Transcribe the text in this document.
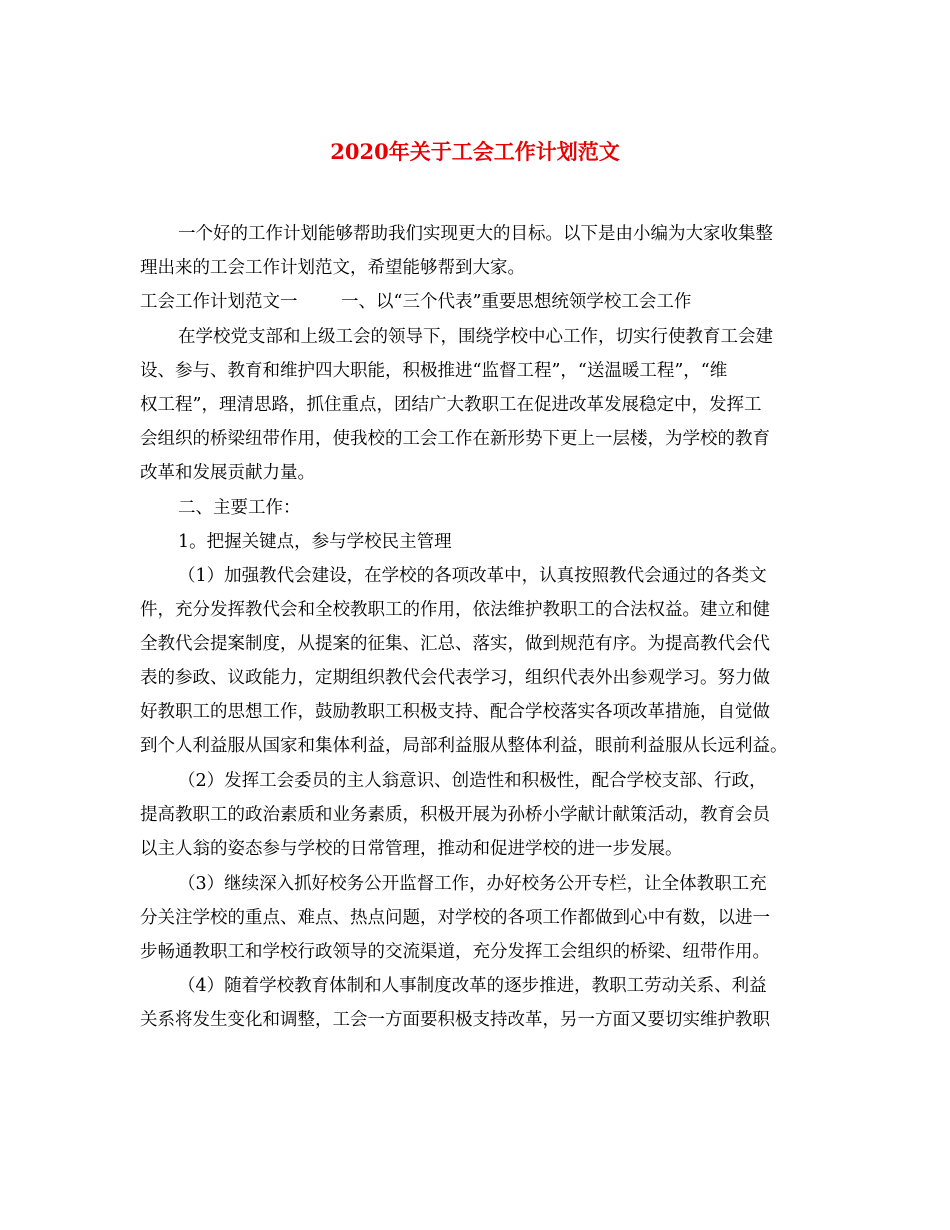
2020年关于工会工作计划范文
一个好的工作计划能够帮助我们实现更大的目标。以下是由小编为大家收集整
理出来的工会工作计划范文，希望能够帮到大家。
工会工作计划范文一 一、以“三个代表”重要思想统领学校工会工作
在学校党支部和上级工会的领导下，围绕学校中心工作，切实行使教育工会建
设、参与、教育和维护四大职能，积极推进“监督工程”，“送温暖工程”，“维
权工程”，理清思路，抓住重点，团结广大教职工在促进改革发展稳定中，发挥工
会组织的桥梁纽带作用，使我校的工会工作在新形势下更上一层楼，为学校的教育
改革和发展贡献力量。
二、主要工作：
1。把握关键点，参与学校民主管理
（1）加强教代会建设，在学校的各项改革中，认真按照教代会通过的各类文
件，充分发挥教代会和全校教职工的作用，依法维护教职工的合法权益。建立和健
全教代会提案制度，从提案的征集、汇总、落实，做到规范有序。为提高教代会代
表的参政、议政能力，定期组织教代会代表学习，组织代表外出参观学习。努力做
好教职工的思想工作，鼓励教职工积极支持、配合学校落实各项改革措施，自觉做
到个人利益服从国家和集体利益，局部利益服从整体利益，眼前利益服从长远利益。
（2）发挥工会委员的主人翁意识、创造性和积极性，配合学校支部、行政，
提高教职工的政治素质和业务素质，积极开展为孙桥小学献计献策活动，教育会员
以主人翁的姿态参与学校的日常管理，推动和促进学校的进一步发展。
（3）继续深入抓好校务公开监督工作，办好校务公开专栏，让全体教职工充
分关注学校的重点、难点、热点问题，对学校的各项工作都做到心中有数，以进一
步畅通教职工和学校行政领导的交流渠道，充分发挥工会组织的桥梁、纽带作用。
（4）随着学校教育体制和人事制度改革的逐步推进，教职工劳动关系、利益
关系将发生变化和调整，工会一方面要积极支持改革，另一方面又要切实维护教职
